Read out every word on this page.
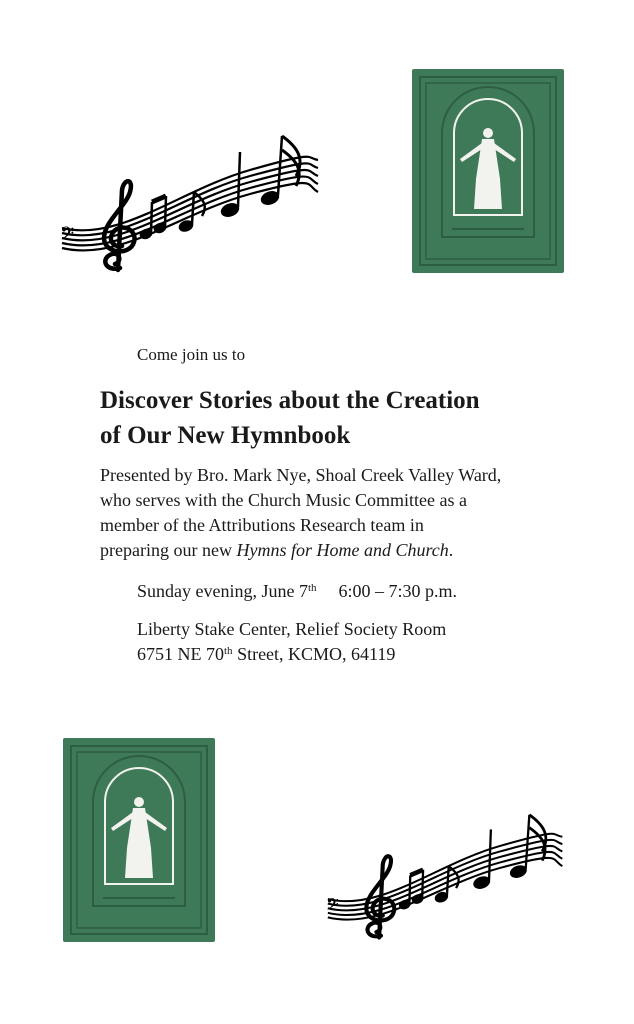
𝄢
Come join us to
Discover Stories about the Creation
of Our New Hymnbook

Presented by Bro. Mark Nye, Shoal Creek Valley Ward,
who serves with the Church Music Committee as a
member of the Attributions Research team in
preparing our new Hymns for Home and Church.

Sunday evening, June 7th 6:00 – 7:30 p.m.
Liberty Stake Center, Relief Society Room
6751 NE 70th Street, KCMO, 64119
𝄢
